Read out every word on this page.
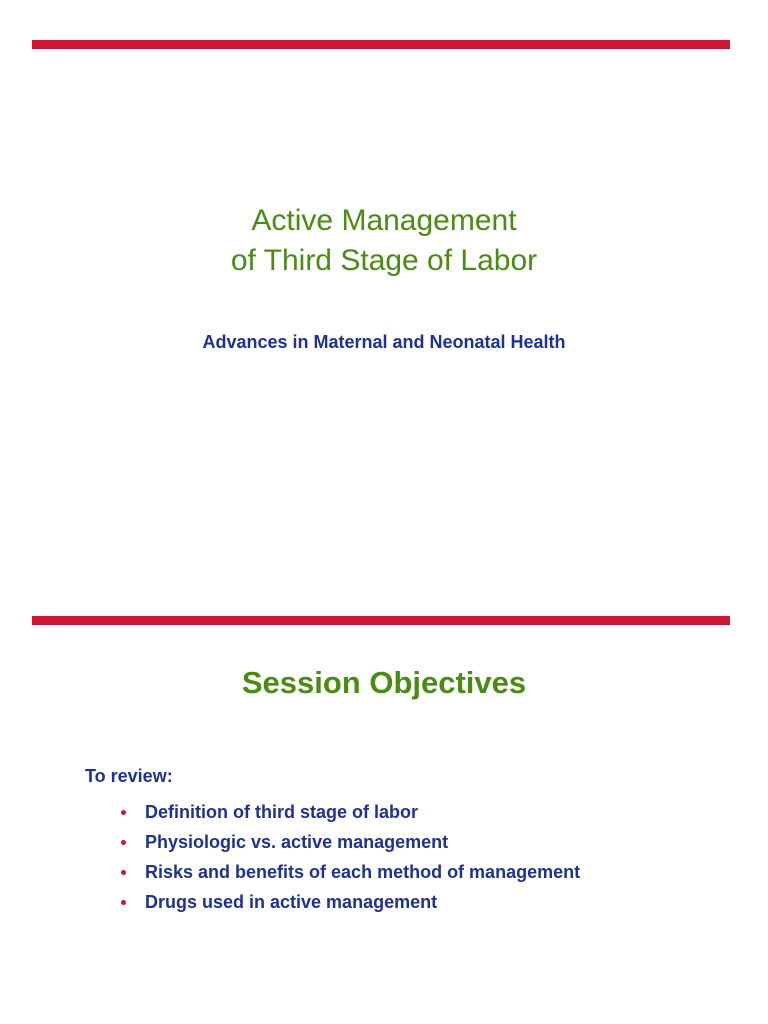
Active Management
of Third Stage of Labor
Advances in Maternal and Neonatal Health
Session Objectives
To review:
Definition of third stage of labor
Physiologic vs. active management
Risks and benefits of each method of management
Drugs used in active management
